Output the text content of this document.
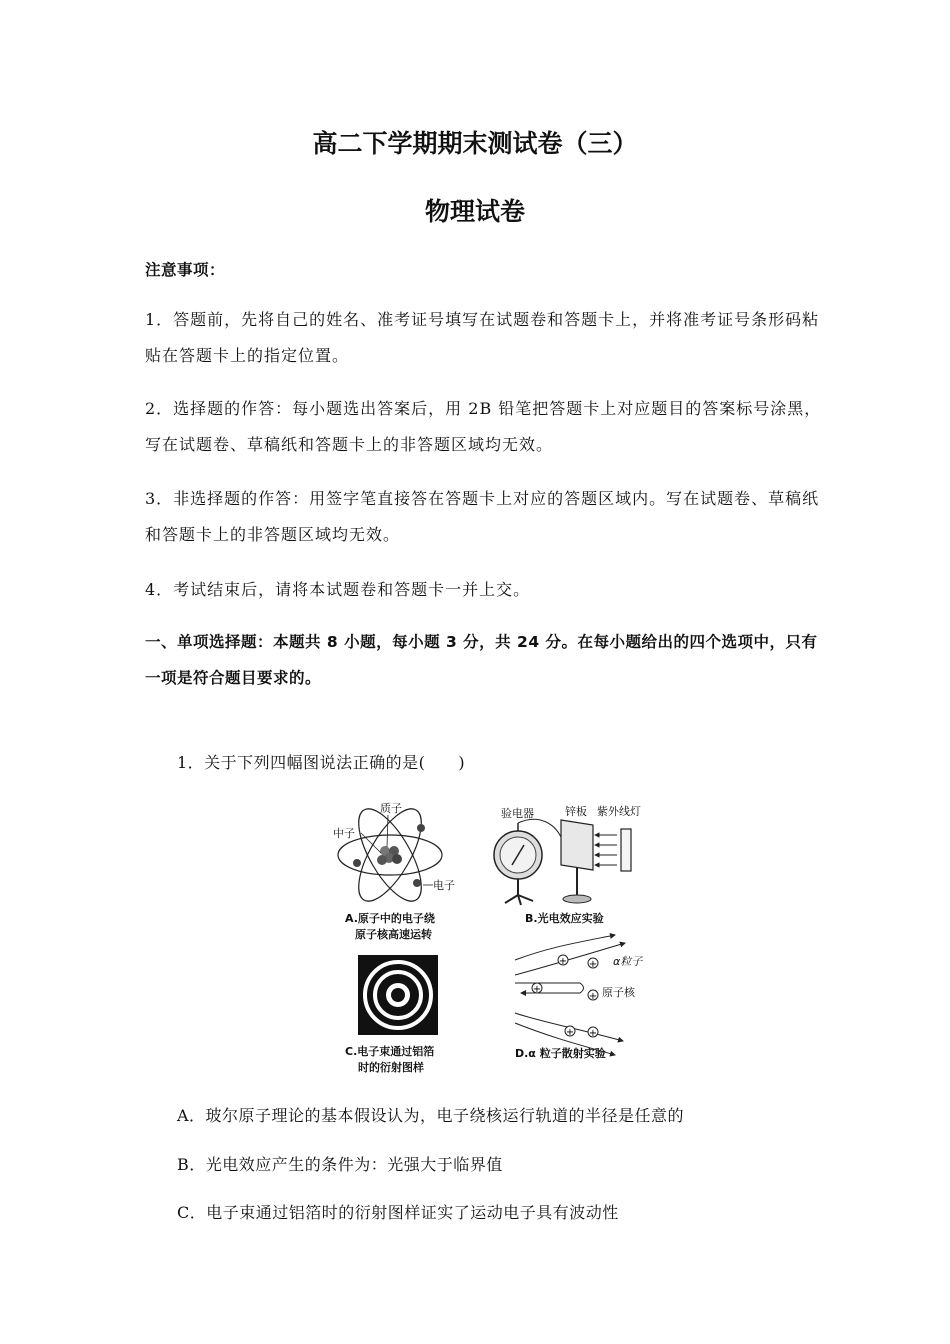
高二下学期期末测试卷（三）
物理试卷
注意事项：
1．答题前，先将自己的姓名、准考证号填写在试题卷和答题卡上，并将准考证号条形码粘贴在答题卡上的指定位置。
2．选择题的作答：每小题选出答案后，用 2B 铅笔把答题卡上对应题目的答案标号涂黑，写在试题卷、草稿纸和答题卡上的非答题区域均无效。
3．非选择题的作答：用签字笔直接答在答题卡上对应的答题区域内。写在试题卷、草稿纸和答题卡上的非答题区域均无效。
4．考试结束后，请将本试题卷和答题卡一并上交。
一、单项选择题：本题共 8 小题，每小题 3 分，共 24 分。在每小题给出的四个选项中，只有一项是符合题目要求的。
1．关于下列四幅图说法正确的是(　　)
质子
中子
电子
A.原子中的电子绕
原子核高速运转
验电器	锌板 紫外线灯
B.光电效应实验
C.电子束通过铝箔
时的衍射图样
+ +
+
+
+ +
α粒子
原子核
D.α 粒子散射实验
A．玻尔原子理论的基本假设认为，电子绕核运行轨道的半径是任意的
B．光电效应产生的条件为：光强大于临界值
C．电子束通过铝箔时的衍射图样证实了运动电子具有波动性
